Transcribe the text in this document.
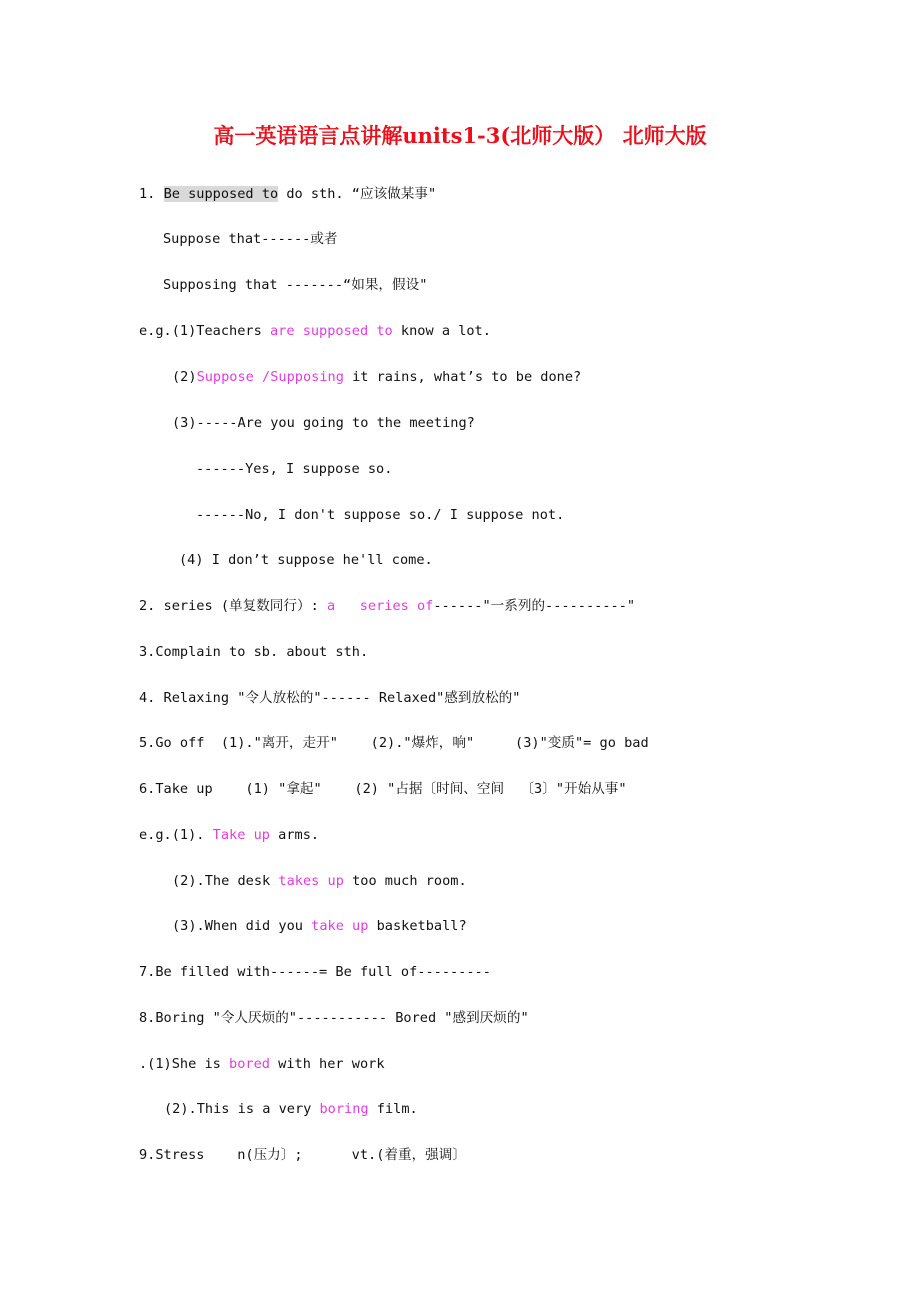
高一英语语言点讲解units1-3(北师大版） 北师大版
1. Be supposed to do sth. “应该做某事"
Suppose that------或者
Supposing that -------“如果，假设"
e.g.(1)Teachers are supposed to know a lot.
(2)Suppose /Supposing it rains, what’s to be done?
(3)-----Are you going to the meeting?
------Yes, I suppose so.
------No, I don't suppose so./ I suppose not.
(4) I don’t suppose he'll come.
2. series (单复数同行）: a   series of------"一系列的----------"
3.Complain to sb. about sth.
4. Relaxing "令人放松的"------ Relaxed"感到放松的"
5.Go off  (1)."离开，走开"    (2)."爆炸，响"     (3)"变质"= go bad
6.Take up    (1) "拿起"    (2) "占据〔时间、空间  〔3〕"开始从事"
e.g.(1). Take up arms.
(2).The desk takes up too much room.
(3).When did you take up basketball?
7.Be filled with------= Be full of---------
8.Boring "令人厌烦的"----------- Bored "感到厌烦的"
.(1)She is bored with her work
(2).This is a very boring film.
9.Stress    n(压力〕;      vt.(着重，强调〕
